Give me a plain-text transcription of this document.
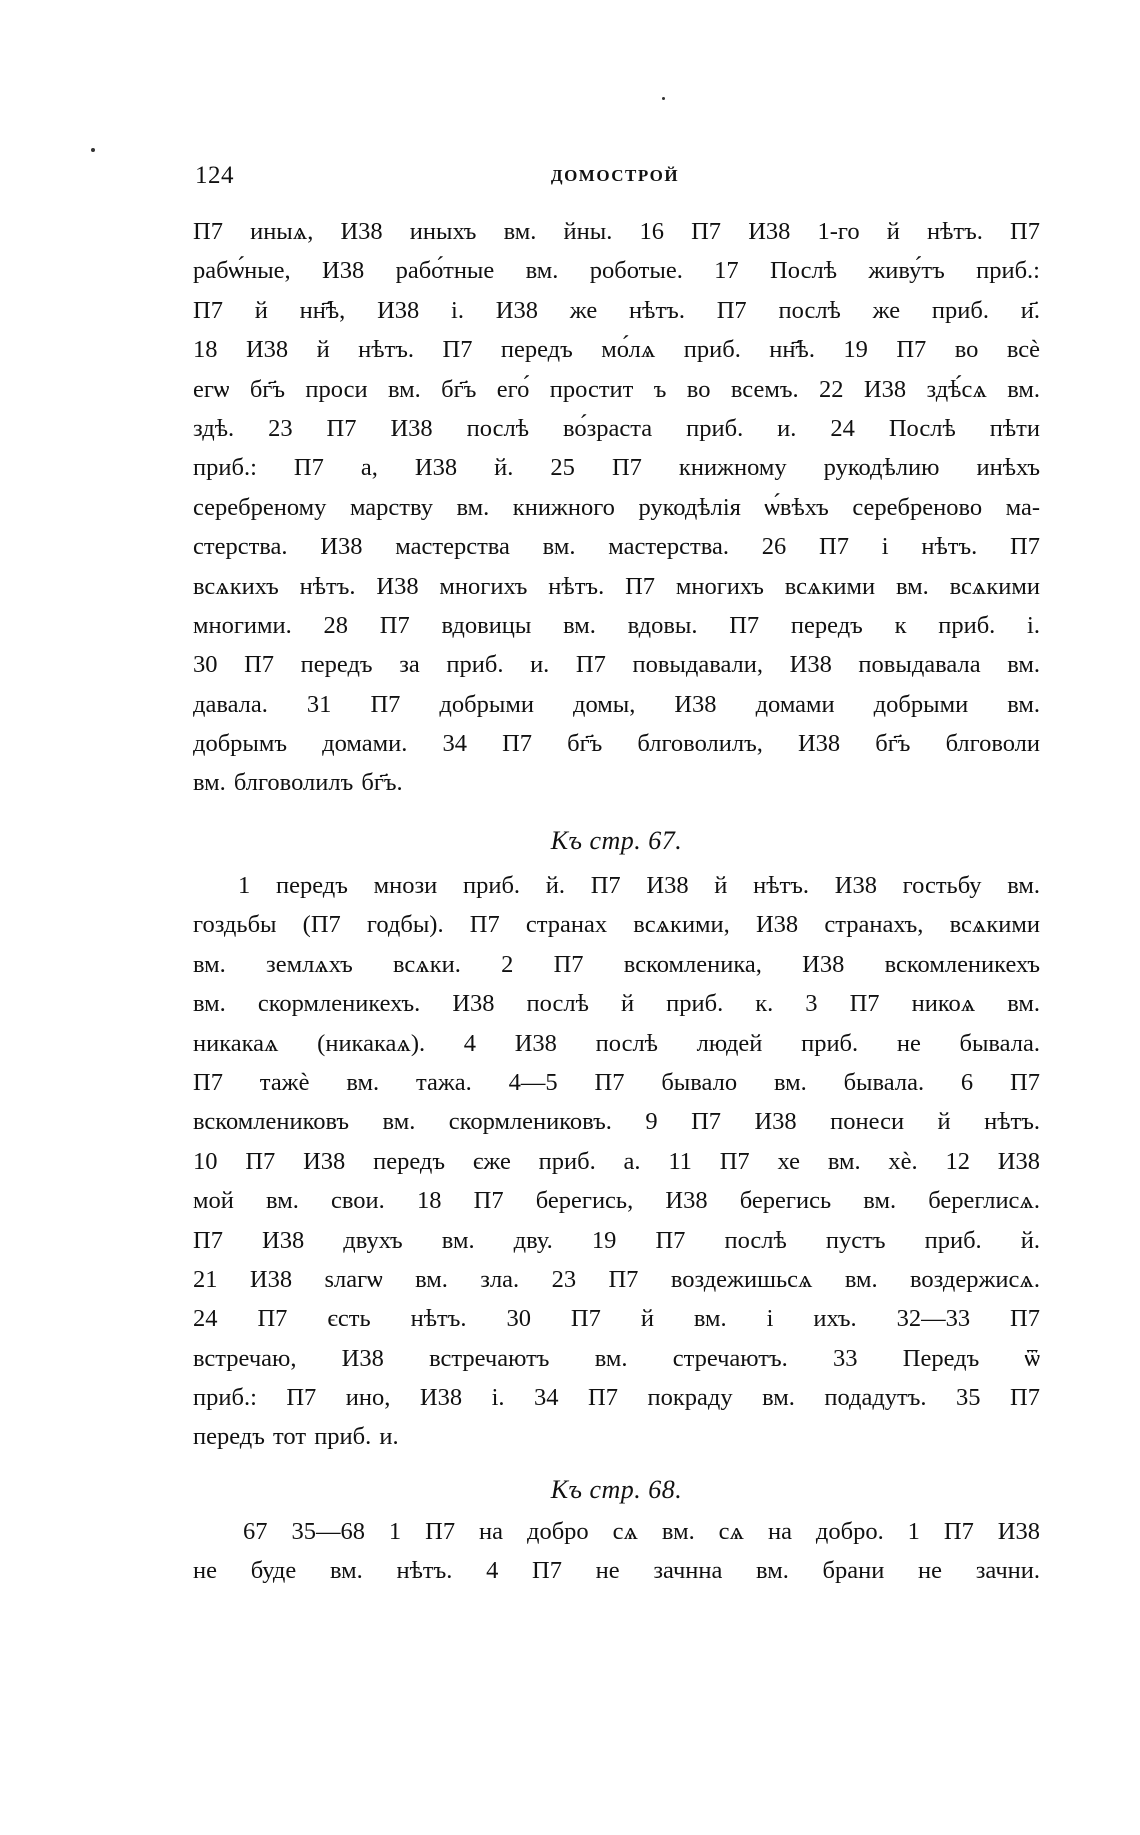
124	ДОМОСТРОЙ
П7 иныѧ, И38 иныхъ вм. йны. 16 П7 И38 1-го й нѣтъ. П7
рабѡ́ные, И38 рабо́тные вм. роботые. 17 Послѣ живу́тъ приб.:
П7 й нн҃ѣ, И38 і. И38 же нѣтъ. П7 послѣ же приб. и҃.
18 И38 й нѣтъ. П7 передъ мо́лѧ приб. нн҃ѣ. 19 П7 во всѐ
егѡ бг҃ъ проси вм. бг҃ъ его́ простит ъ во всемъ. 22 И38 здѣ́сѧ вм.
здѣ. 23 П7 И38 послѣ во́зраста приб. и. 24 Послѣ пѣти
приб.: П7 а, И38 й. 25 П7 книжному рукодѣлию инѣхъ
серебреному марству вм. книжного рукодѣлія ѡ́вѣхъ серебреново ма-
стерства. И38 мастерства вм. мастерства. 26 П7 і нѣтъ. П7
всѧкихъ нѣтъ. И38 многихъ нѣтъ. П7 многихъ всѧкими вм. всѧкими
многими. 28 П7 вдовицы вм. вдовы. П7 передъ к приб. і.
30 П7 передъ за приб. и. П7 повыдавали, И38 повыдавала вм.
давала. 31 П7 добрыми домы, И38 домами добрыми вм.
добрымъ домами. 34 П7 бг҃ъ блговолилъ, И38 бг҃ъ блговоли
вм. блговолилъ бг҃ъ.
Къ стр. 67.
1 передъ мнози приб. й. П7 И38 й нѣтъ. И38 гостьбу вм.
гоздьбы (П7 годбы). П7 странах всѧкими, И38 странахъ, всѧкими
вм. землѧхъ всѧки. 2 П7 вскомленика, И38 вскомленикехъ
вм. скормленикехъ. И38 послѣ й приб. к. 3 П7 никоѧ вм.
никакаѧ (никакаѧ). 4 И38 послѣ людей приб. не бывала.
П7 тажѐ вм. тажа. 4—5 П7 бывало вм. бывала. 6 П7
вскомлениковъ вм. скормлениковъ. 9 П7 И38 понеси й нѣтъ.
10 П7 И38 передъ єже приб. а. 11 П7 хе вм. хѐ. 12 И38
мой вм. свои. 18 П7 берегись, И38 берегись вм. береглисѧ.
П7 И38 двухъ вм. дву. 19 П7 послѣ пустъ приб. й.
21 И38 ѕлагѡ вм. зла. 23 П7 воздежишьсѧ вм. воздержисѧ.
24 П7 єсть нѣтъ. 30 П7 й вм. і ихъ. 32—33 П7
встречаю, И38 встречаютъ вм. стречаютъ. 33 Передъ ѿ
приб.: П7 ино, И38 і. 34 П7 покраду вм. подадутъ. 35 П7
передъ тот приб. и.
Къ стр. 68.
67 35—68 1 П7 на добро сѧ вм. сѧ на добро. 1 П7 И38
не буде вм. нѣтъ. 4 П7 не зачнна вм. брани не зачни.
